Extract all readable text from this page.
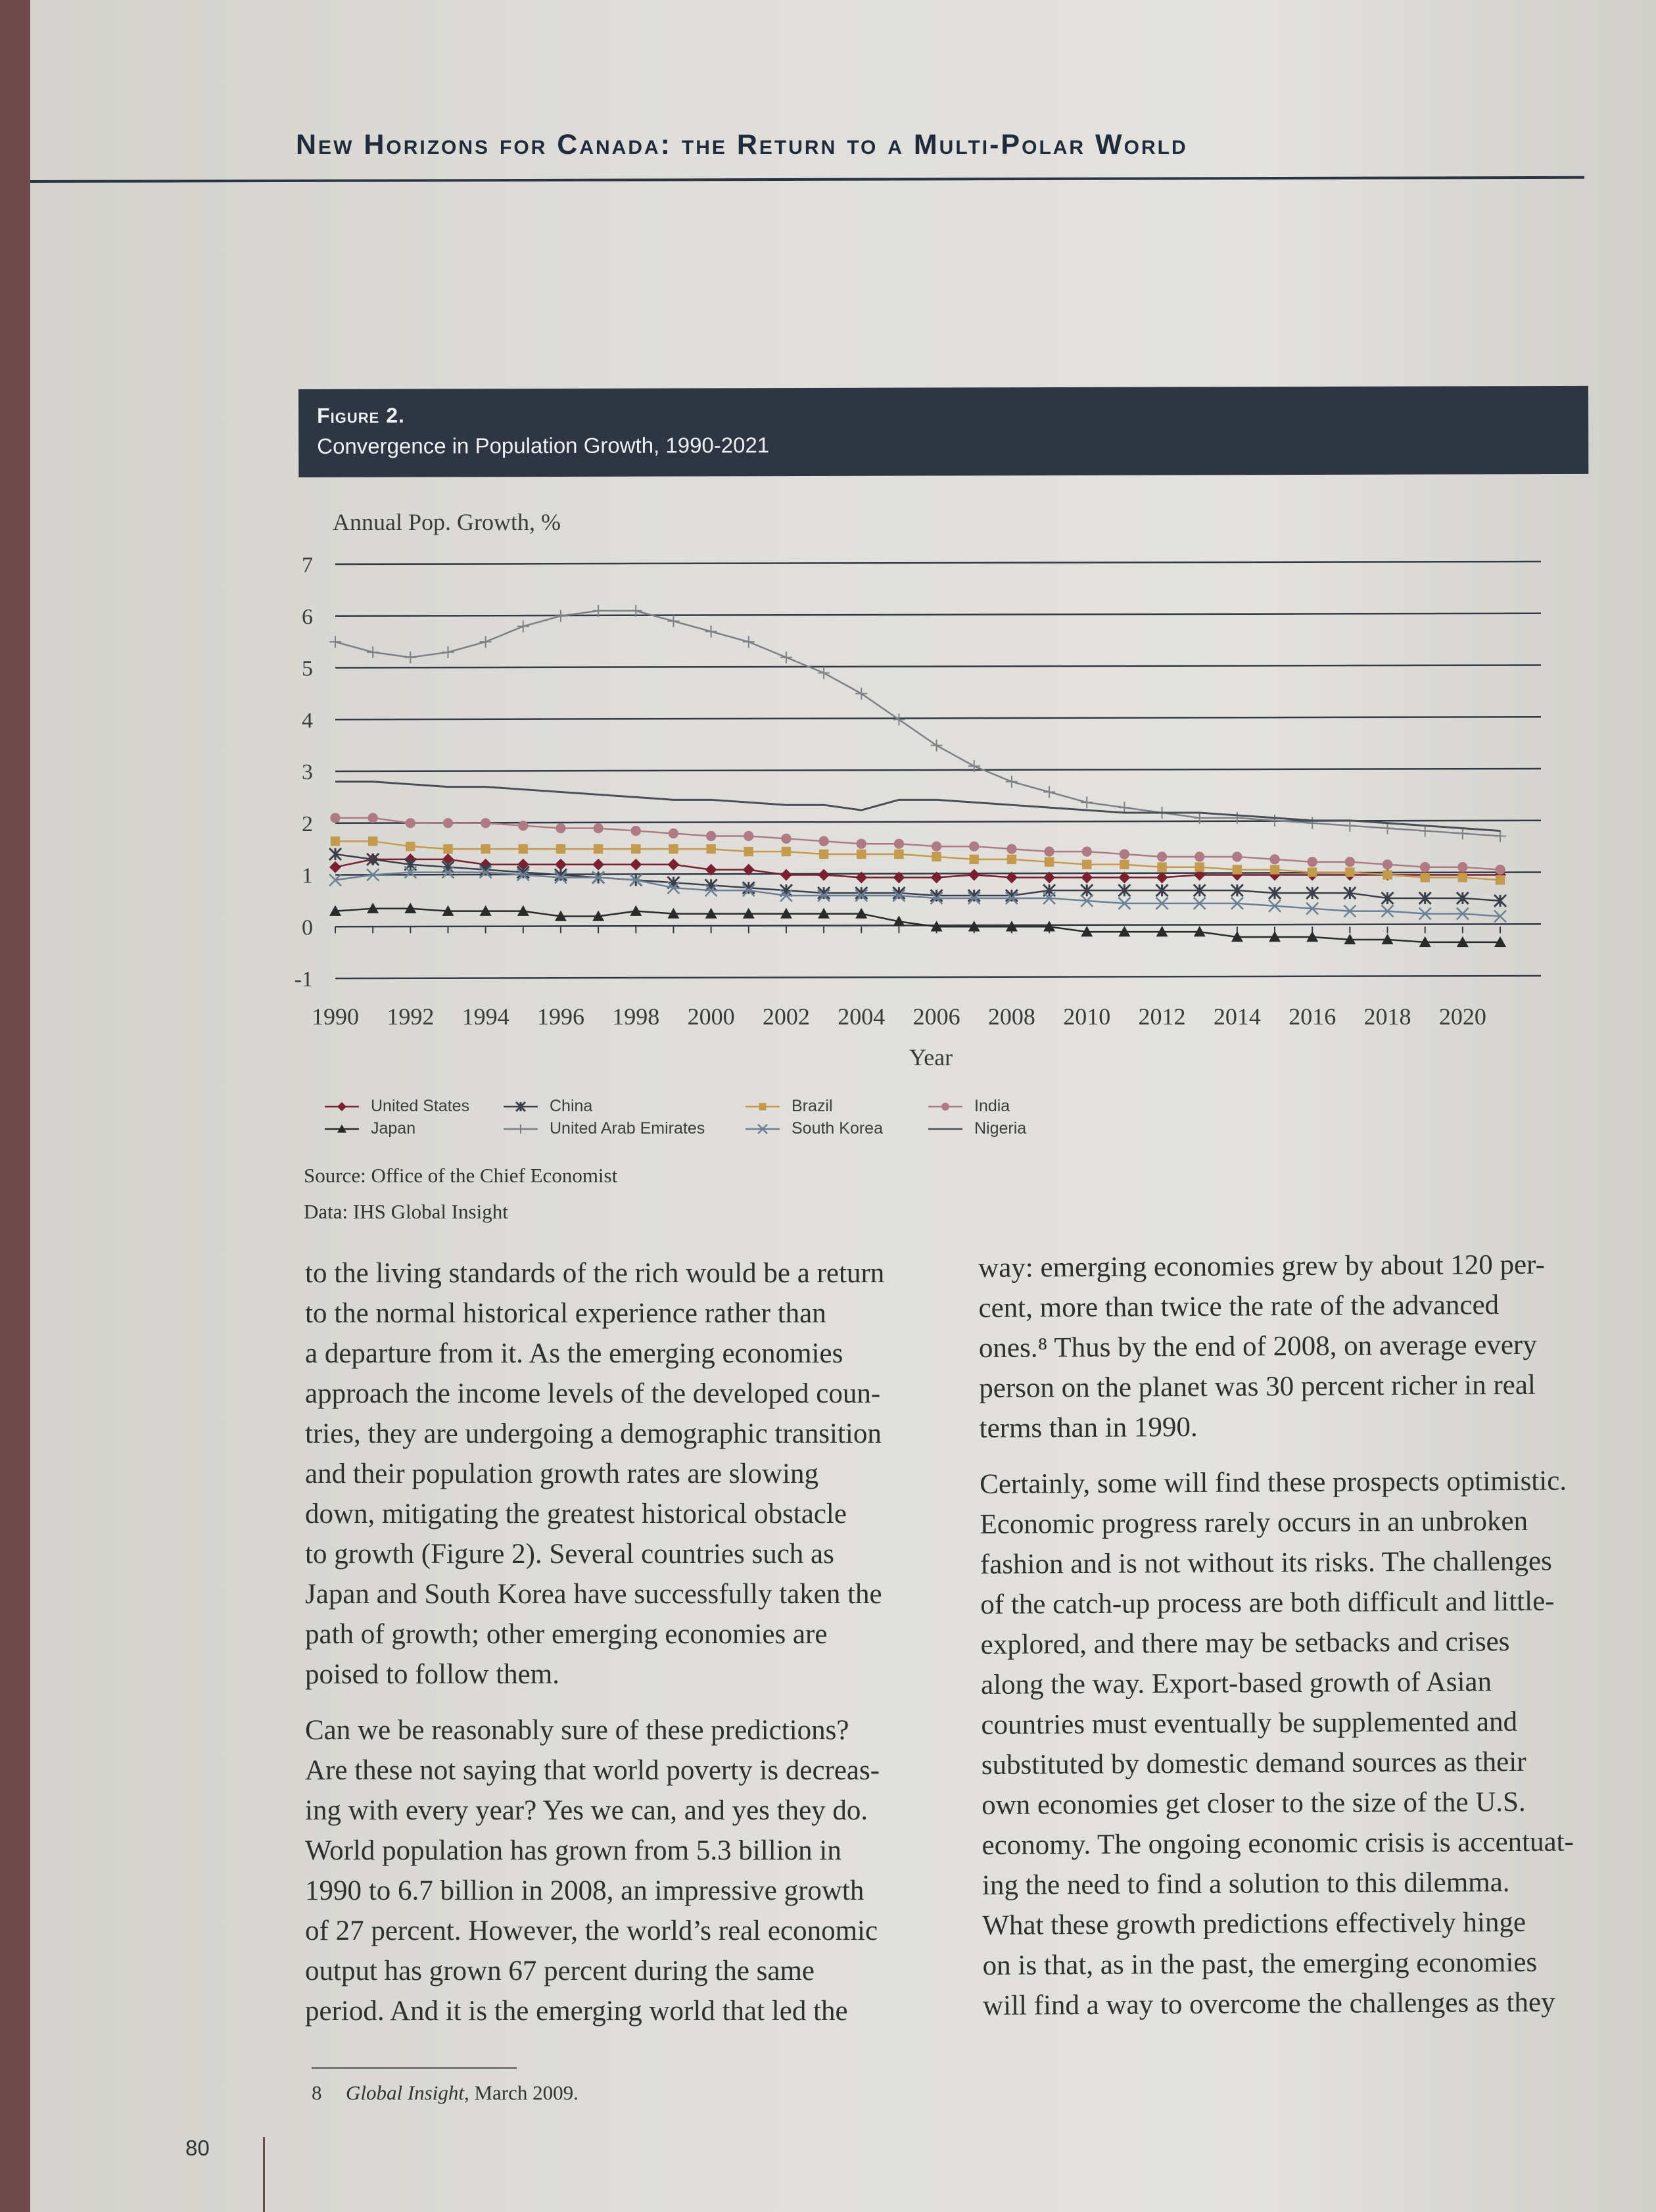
New Horizons for Canada: the Return to a Multi-Polar World
Figure 2.
Convergence in Population Growth, 1990-2021
Annual Pop. Growth, %
7
6
5
4
3
2
1
0
-1
1990 1992 1994 1996 1998 2000 2002 2004 2006 2008 2010 2012 2014 2016 2018 2020
Year
United States	China	Brazil	India
Japan	United Arab Emirates	South Korea	Nigeria
Source: Office of the Chief Economist
Data: IHS Global Insight

to the living standards of the rich would be a return
to the normal historical experience rather than
a departure from it. As the emerging economies
approach the income levels of the developed coun-
tries, they are undergoing a demographic transition
and their population growth rates are slowing
down, mitigating the greatest historical obstacle
to growth (Figure 2). Several countries such as
Japan and South Korea have successfully taken the
path of growth; other emerging economies are
poised to follow them.

Can we be reasonably sure of these predictions?
Are these not saying that world poverty is decreas-
ing with every year? Yes we can, and yes they do.
World population has grown from 5.3 billion in
1990 to 6.7 billion in 2008, an impressive growth
of 27 percent. However, the world’s real economic
output has grown 67 percent during the same
period. And it is the emerging world that led the

way: emerging economies grew by about 120 per-
cent, more than twice the rate of the advanced
ones.⁸ Thus by the end of 2008, on average every
person on the planet was 30 percent richer in real
terms than in 1990.

Certainly, some will find these prospects optimistic.
Economic progress rarely occurs in an unbroken
fashion and is not without its risks. The challenges
of the catch-up process are both difficult and little-
explored, and there may be setbacks and crises
along the way. Export-based growth of Asian
countries must eventually be supplemented and
substituted by domestic demand sources as their
own economies get closer to the size of the U.S.
economy. The ongoing economic crisis is accentuat-
ing the need to find a solution to this dilemma.
What these growth predictions effectively hinge
on is that, as in the past, the emerging economies
will find a way to overcome the challenges as they

8 Global Insight, March 2009.
80
